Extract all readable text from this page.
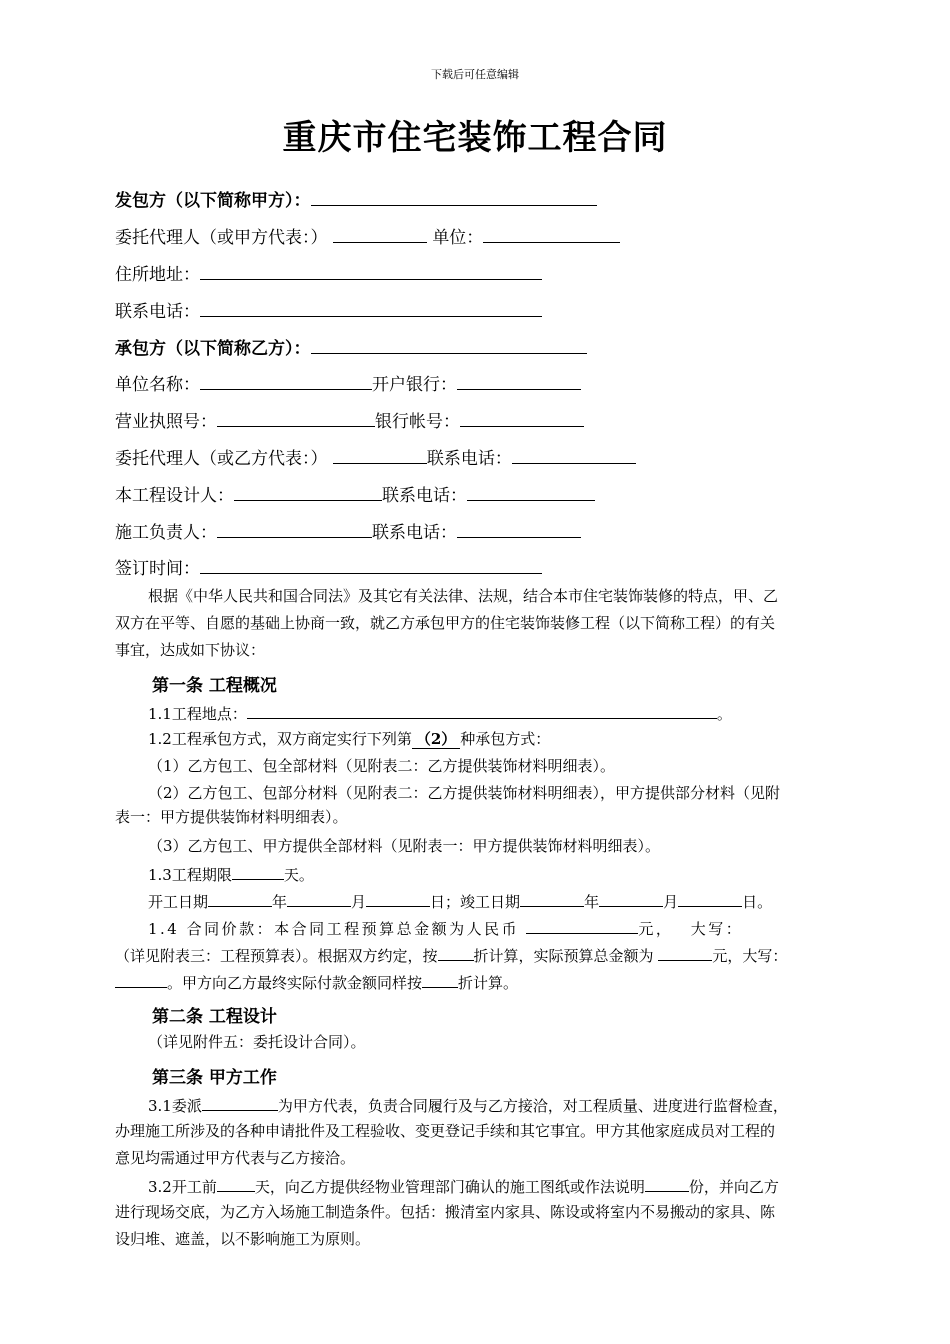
下载后可任意编辑
重庆市住宅装饰工程合同
发包方（以下简称甲方）：
委托代理人（或甲方代表：）	单位：
住所地址：
联系电话：
承包方（以下简称乙方）：
单位名称：	开户银行：
营业执照号：	银行帐号：
委托代理人（或乙方代表：）	联系电话：
本工程设计人：	联系电话：
施工负责人：	联系电话：
签订时间：
根据《中华人民共和国合同法》及其它有关法律、法规，结合本市住宅装饰装修的特点，甲、乙
双方在平等、自愿的基础上协商一致，就乙方承包甲方的住宅装饰装修工程（以下简称工程）的有关
事宜，达成如下协议：
第一条 工程概况
1.1工程地点：	。
1.2工程承包方式，双方商定实行下列第 （2） 种承包方式：
（1）乙方包工、包全部材料（见附表二：乙方提供装饰材料明细表）。
（2）乙方包工、包部分材料（见附表二：乙方提供装饰材料明细表），甲方提供部分材料（见附
表一：甲方提供装饰材料明细表）。
（3）乙方包工、甲方提供全部材料（见附表一：甲方提供装饰材料明细表）。
1.3工程期限	天。
开工日期	年	月	日；竣工日期	年	月	日。
1.4 合同价款：本合同工程预算总金额为人民币	元， 大写：
（详见附表三：工程预算表）。根据双方约定，按 折计算，实际预算总金额为	元，大写：
。甲方向乙方最终实际付款金额同样按 折计算。
第二条 工程设计
（详见附件五：委托设计合同）。
第三条 甲方工作
3.1委派	为甲方代表，负责合同履行及与乙方接洽，对工程质量、进度进行监督检查，
办理施工所涉及的各种申请批件及工程验收、变更登记手续和其它事宜。甲方其他家庭成员对工程的
意见均需通过甲方代表与乙方接洽。
3.2开工前	天，向乙方提供经物业管理部门确认的施工图纸或作法说明	份，并向乙方
进行现场交底，为乙方入场施工制造条件。包括：搬清室内家具、陈设或将室内不易搬动的家具、陈
设归堆、遮盖，以不影响施工为原则。
